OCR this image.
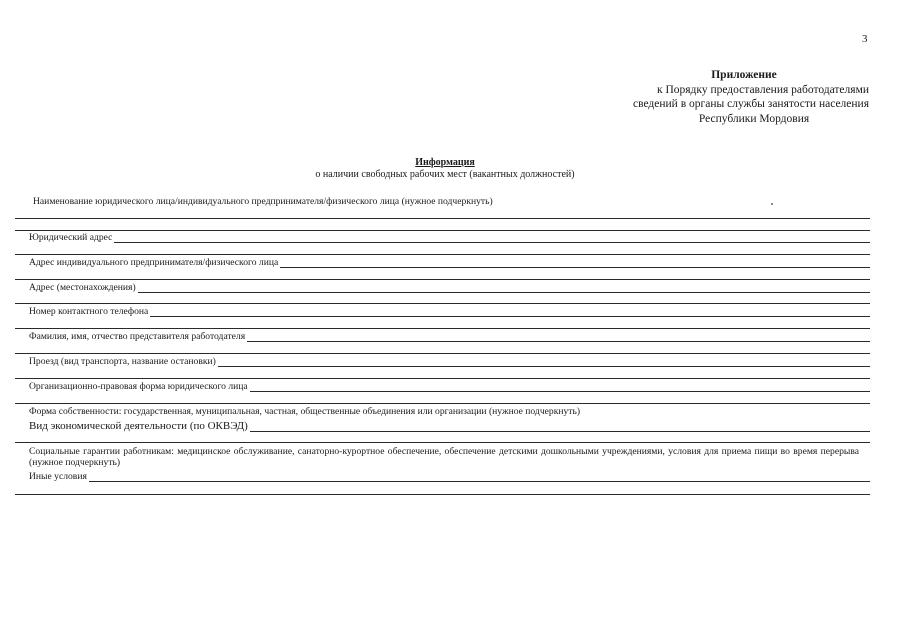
3
Приложение
к Порядку предоставления работодателями
сведений в органы службы занятости населения
Республики Мордовия
Информация
о наличии свободных рабочих мест (вакантных должностей)
Наименование юридического лица/индивидуального предпринимателя/физического лица (нужное подчеркнуть)
Юридический адрес
Адрес индивидуального предпринимателя/физического лица
Адрес (местонахождения)
Номер контактного телефона
Фамилия, имя, отчество представителя работодателя
Проезд (вид транспорта, название остановки)
Организационно-правовая форма юридического лица
Форма собственности: государственная, муниципальная, частная, общественные объединения или организации (нужное подчеркнуть)
Вид экономической деятельности (по ОКВЭД)
Социальные гарантии работникам: медицинское обслуживание, санаторно-курортное обеспечение, обеспечение детскими дошкольными учреждениями, условия для приема пищи во время перерыва (нужное подчеркнуть)
Иные условия
